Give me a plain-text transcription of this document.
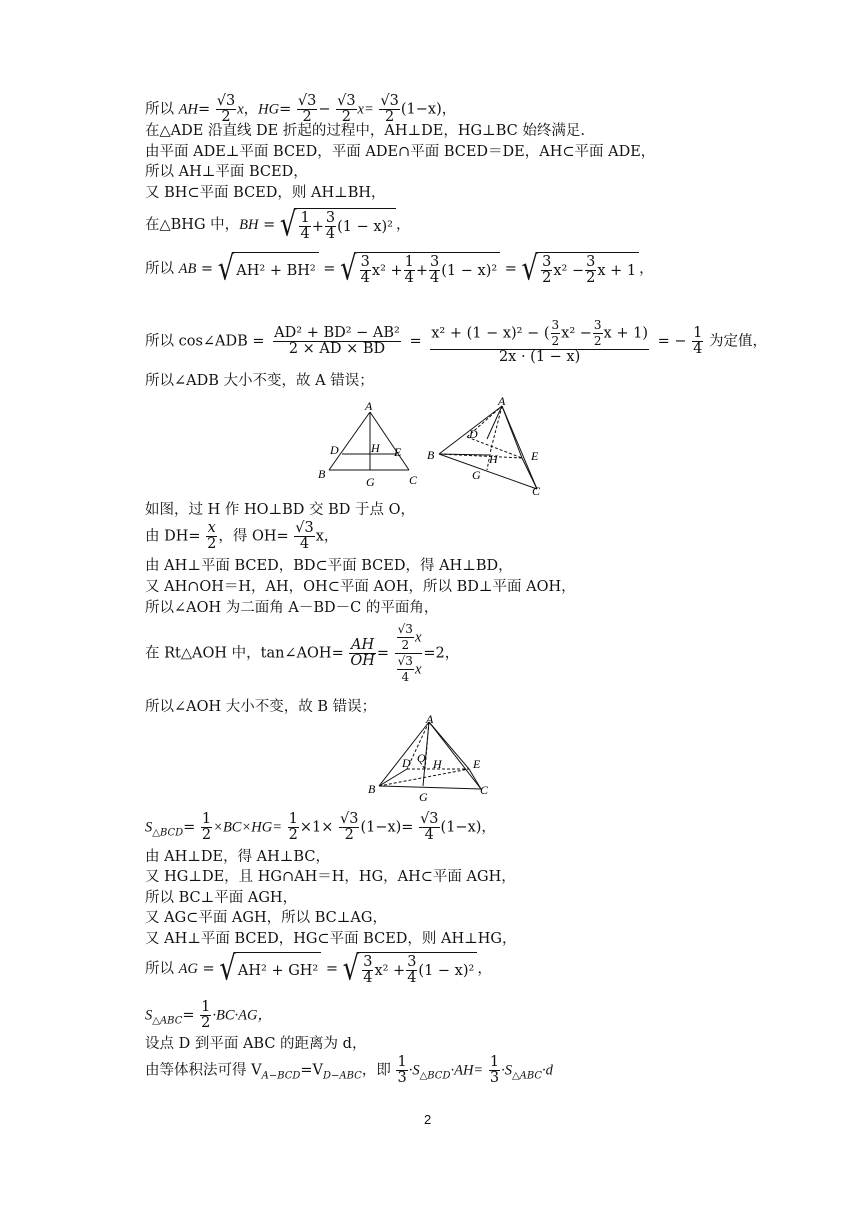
所以 $AH= \frac{√3}{2}$ x，$HG= \frac{√3}{2} - \frac{√3}{2} x= \frac{√3}{2} (1-x)$，
在△ADE 沿直线 DE 折起的过程中，AH⊥DE，HG⊥BC 始终满足.
由平面 ADE⊥平面 BCED，平面 ADE∩平面 BCED＝DE，AH⊂平面 ADE，
所以 AH⊥平面 BCED，
又 BH⊂平面 BCED，则 AH⊥BH，
在△BHG 中，BH = √ $\frac{1}{4} + \frac{3}{4} (1 - x)^2$ ，
所以 AB = √ AH² + BH² = √ $\frac{3}{4} x^2 + \frac{1}{4} + \frac{3}{4} (1 - x)^2$ = √ $\frac{3}{2} x^2 - \frac{3}{2}$ x + 1 ，
所以 cos∠ADB = $\frac{\text{AD² + BD² − AB²}}{2 \times AD \times BD} = \frac{x^2 + (1 - x)^2 - ( \frac{3}{2} x^2 - \frac{3}{2} x + 1)}{2x \cdot (1 - x)}$ = − $\frac{1}{4}$ 为定值，
所以∠ADB 大小不变，故 A 错误；
A
B	C
D	E
G
H
A
B
C
D
E
G
H
如图，过 H 作 HO⊥BD 交 BD 于点 O，
由 $DH= \frac{x}{2}$ ，得 $OH= \frac{√3}{4}$ x，
由 AH⊥平面 BCED，BD⊂平面 BCED，得 AH⊥BD，
又 AH∩OH＝H，AH，OH⊂平面 AOH，所以 BD⊥平面 AOH，
所以∠AOH 为二面角 A－BD－C 的平面角，
在 Rt△AOH 中，tan∠AOH= $\frac{AH}{OH} = \frac{\frac{√3}{2} x}{\frac{√3}{4} x} =2$，
所以∠AOH 大小不变，故 B 错误；
A
B	C
D	E
G
H
O
$S_{\triangle BCD}= \frac{1}{2} \times BC\times HG= \frac{1}{2} \times 1\times \frac{√3}{2} (1-x)= \frac{√3}{4} (1-x)$，
由 AH⊥DE，得 AH⊥BC，
又 HG⊥DE，且 HG∩AH＝H，HG，AH⊂平面 AGH，
所以 BC⊥平面 AGH，
又 AG⊂平面 AGH，所以 BC⊥AG，
又 AH⊥平面 BCED，HG⊂平面 BCED，则 AH⊥HG，
所以 AG = √ AH² + GH² = √ $\frac{3}{4} x^2 + \frac{3}{4} (1 - x)^2$ ，
$S_{\triangle ABC}= \frac{1}{2} \cdot BC\cdot AG$，
设点 D 到平面 ABC 的距离为 d，
由等体积法可得 $V_{A-BCD}=V_{D-ABC}$，即 $\frac{1}{3} \cdot S_{\triangle BCD}\cdot AH= \frac{1}{3} \cdot S_{\triangle ABC}\cdot d$
2
